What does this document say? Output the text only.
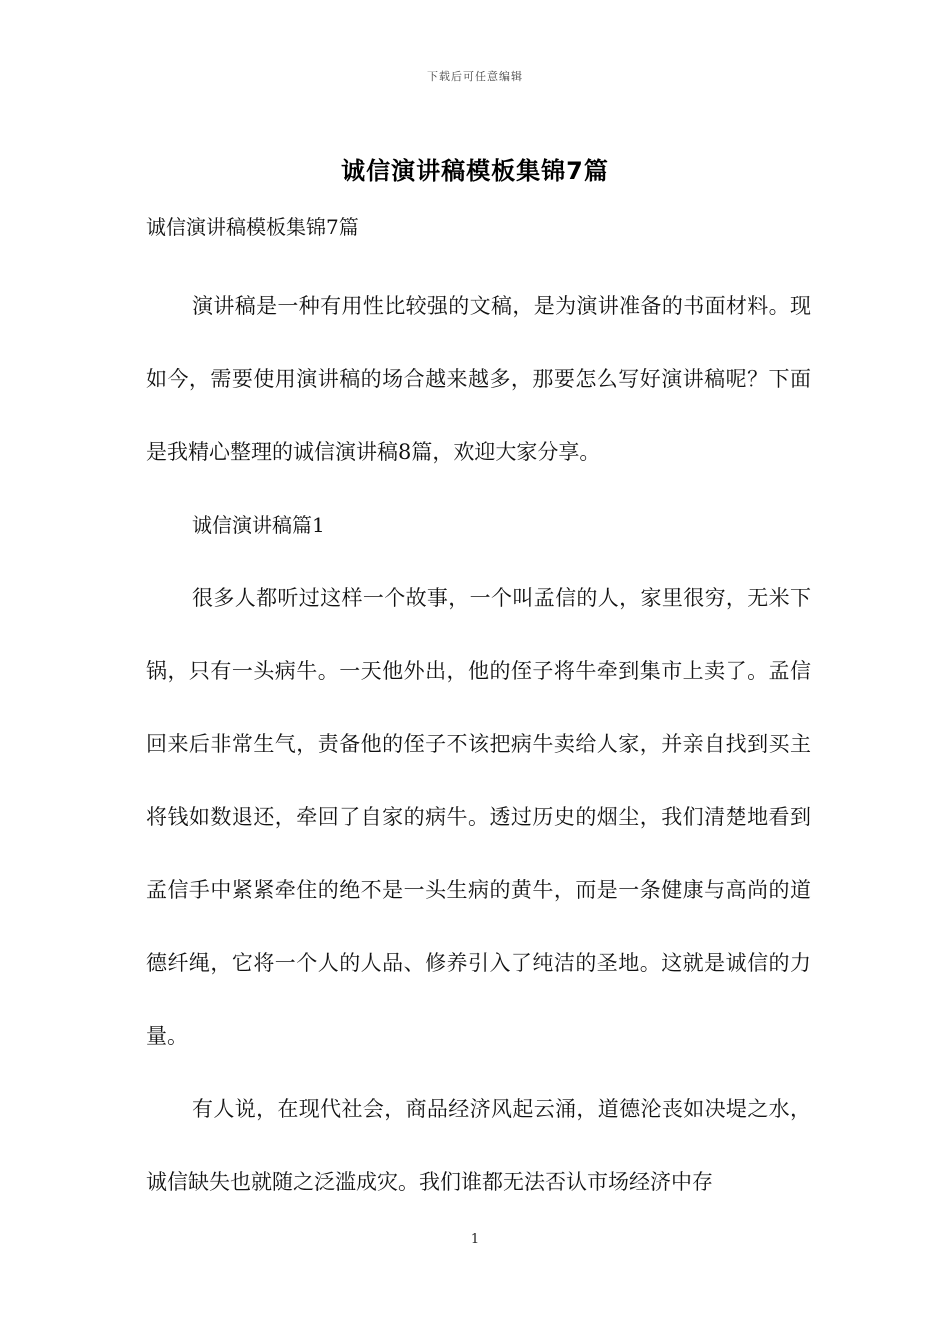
下载后可任意编辑
诚信演讲稿模板集锦7篇
诚信演讲稿模板集锦7篇

演讲稿是一种有用性比较强的文稿，是为演讲准备的书面材料。现如今，需要使用演讲稿的场合越来越多，那要怎么写好演讲稿呢？下面是我精心整理的诚信演讲稿8篇，欢迎大家分享。

诚信演讲稿篇1

很多人都听过这样一个故事，一个叫孟信的人，家里很穷，无米下锅，只有一头病牛。一天他外出，他的侄子将牛牵到集市上卖了。孟信回来后非常生气，责备他的侄子不该把病牛卖给人家，并亲自找到买主将钱如数退还，牵回了自家的病牛。透过历史的烟尘，我们清楚地看到孟信手中紧紧牵住的绝不是一头生病的黄牛，而是一条健康与高尚的道德纤绳，它将一个人的人品、修养引入了纯洁的圣地。这就是诚信的力量。

有人说，在现代社会，商品经济风起云涌，道德沦丧如决堤之水，诚信缺失也就随之泛滥成灾。我们谁都无法否认市场经济中存

1
